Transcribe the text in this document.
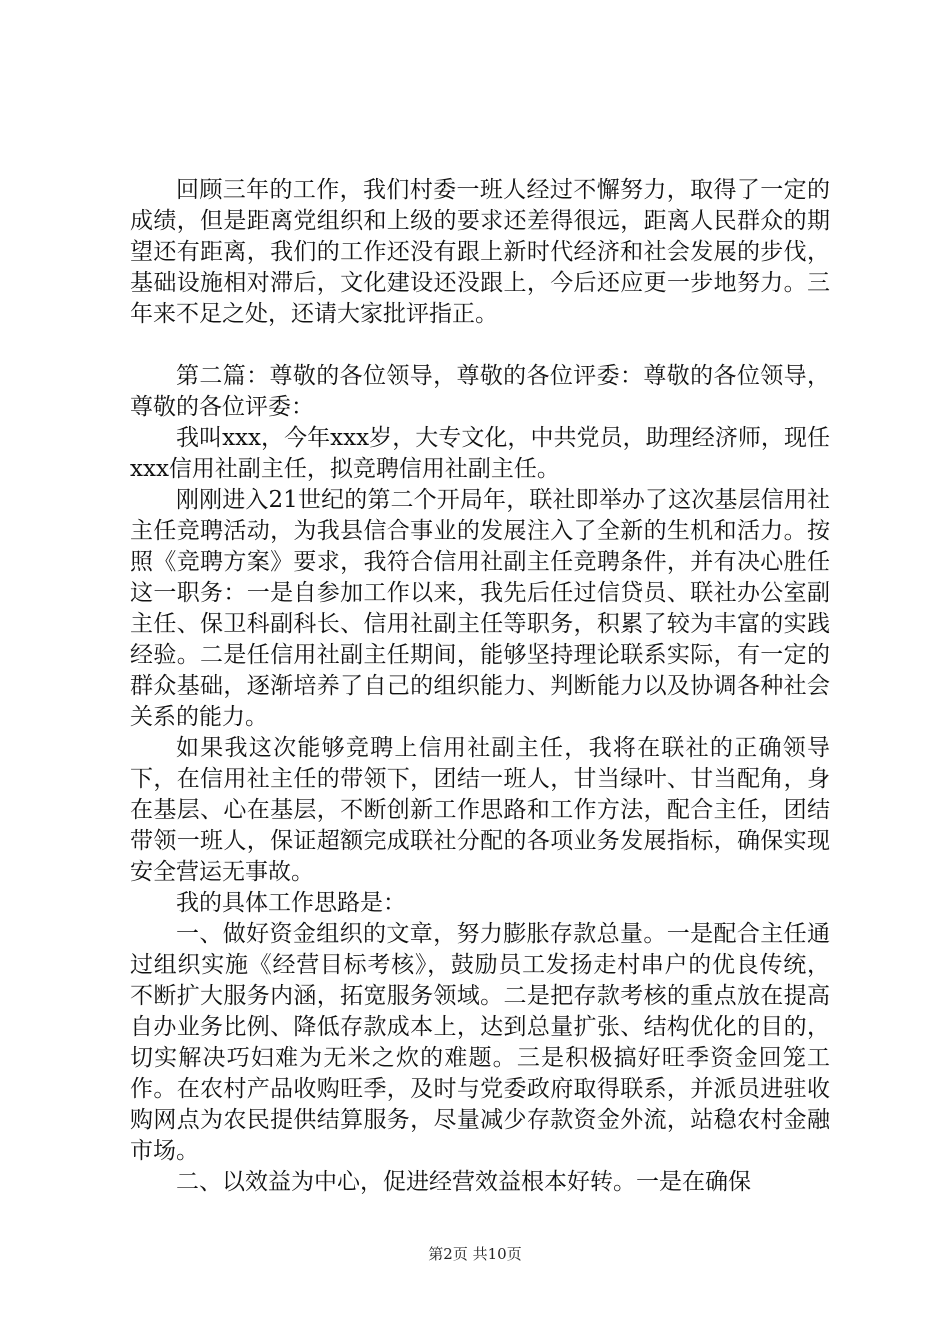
回顾三年的工作，我们村委一班人经过不懈努力，取得了一定的成绩，但是距离党组织和上级的要求还差得很远，距离人民群众的期望还有距离，我们的工作还没有跟上新时代经济和社会发展的步伐，基础设施相对滞后，文化建设还没跟上，今后还应更一步地努力。三年来不足之处，还请大家批评指正。

第二篇：尊敬的各位领导，尊敬的各位评委：尊敬的各位领导，尊敬的各位评委：

我叫xxx，今年xxx岁，大专文化，中共党员，助理经济师，现任xxx信用社副主任，拟竞聘信用社副主任。

刚刚进入21世纪的第二个开局年，联社即举办了这次基层信用社主任竞聘活动，为我县信合事业的发展注入了全新的生机和活力。按照《竞聘方案》要求，我符合信用社副主任竞聘条件，并有决心胜任这一职务：一是自参加工作以来，我先后任过信贷员、联社办公室副主任、保卫科副科长、信用社副主任等职务，积累了较为丰富的实践经验。二是任信用社副主任期间，能够坚持理论联系实际，有一定的群众基础，逐渐培养了自己的组织能力、判断能力以及协调各种社会关系的能力。

如果我这次能够竞聘上信用社副主任，我将在联社的正确领导下，在信用社主任的带领下，团结一班人，甘当绿叶、甘当配角，身在基层、心在基层，不断创新工作思路和工作方法，配合主任，团结带领一班人，保证超额完成联社分配的各项业务发展指标，确保实现安全营运无事故。

我的具体工作思路是：

一、做好资金组织的文章，努力膨胀存款总量。一是配合主任通过组织实施《经营目标考核》，鼓励员工发扬走村串户的优良传统，不断扩大服务内涵，拓宽服务领域。二是把存款考核的重点放在提高自办业务比例、降低存款成本上，达到总量扩张、结构优化的目的，切实解决巧妇难为无米之炊的难题。三是积极搞好旺季资金回笼工作。在农村产品收购旺季，及时与党委政府取得联系，并派员进驻收购网点为农民提供结算服务，尽量减少存款资金外流，站稳农村金融市场。

二、以效益为中心，促进经营效益根本好转。一是在确保

第2页 共10页
